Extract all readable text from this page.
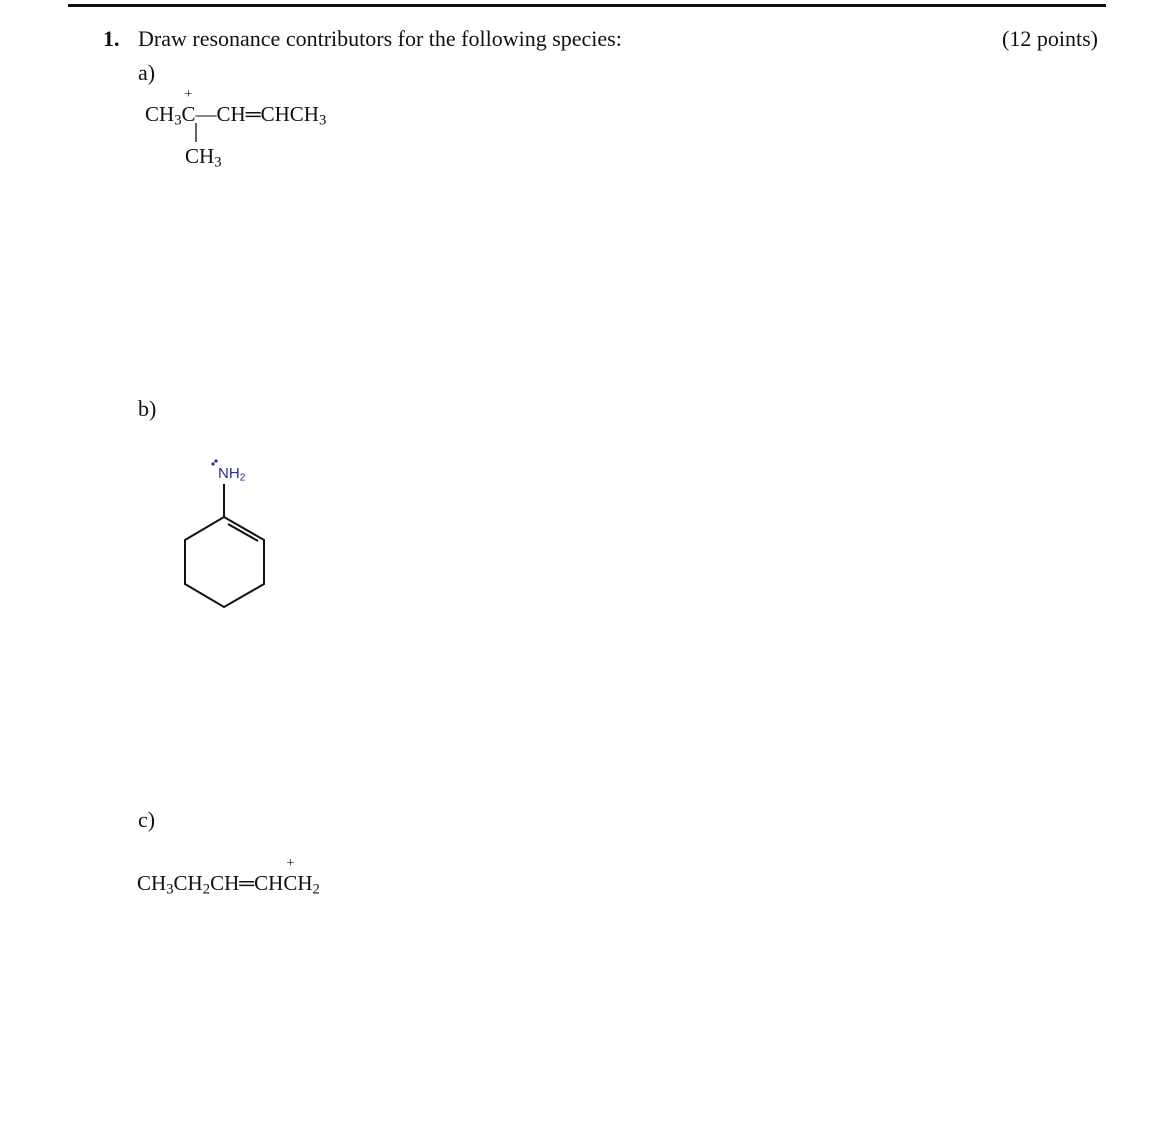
1. Draw resonance contributors for the following species:	(12 points)
a)
$CH_3C$
+
$—CH═CHCH_3$
$CH_3$
b)
$NH_2$
c)
$CH_3CH_2CH═CHC$
+
$H_2$
